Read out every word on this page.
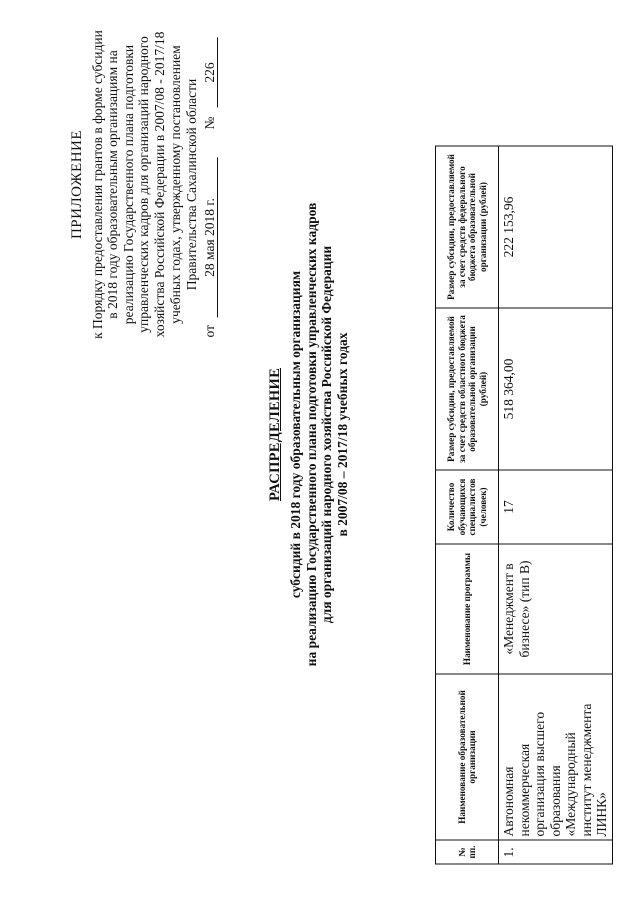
ПРИЛОЖЕНИЕ к Порядку предоставления грантов в форме субсидии в 2018 году образовательным организациям на реализацию Государственного плана подготовки управленческих кадров для организаций народного хозяйства Российской Федерации в 2007/08 - 2017/18 учебных годах, утвержденному постановлением Правительства Сахалинской области
от
28 мая 2018 г.
№
226
РАСПРЕДЕЛЕНИЕ субсидий в 2018 году образовательным организациям на реализацию Государственного плана подготовки управленческих кадров для организаций народного хозяйства Российской Федерации в 2007/08 – 2017/18 учебных годах
№ пп.	Наименование образовательной организации	Наименование программы	Количество обучающихся специалистов (человек)	Размер субсидии, предоставляемой за счет средств областного бюджета образовательной организации (рублей)	Размер субсидии, предоставляемой за счет средств федерального бюджета образовательной организации (рублей)
1.	Автономная некоммерческая организация высшего образования «Международный институт менеджмента ЛИНК»	«Менеджмент в бизнесе» (тип В)	17	518 364,00	222 153,96
